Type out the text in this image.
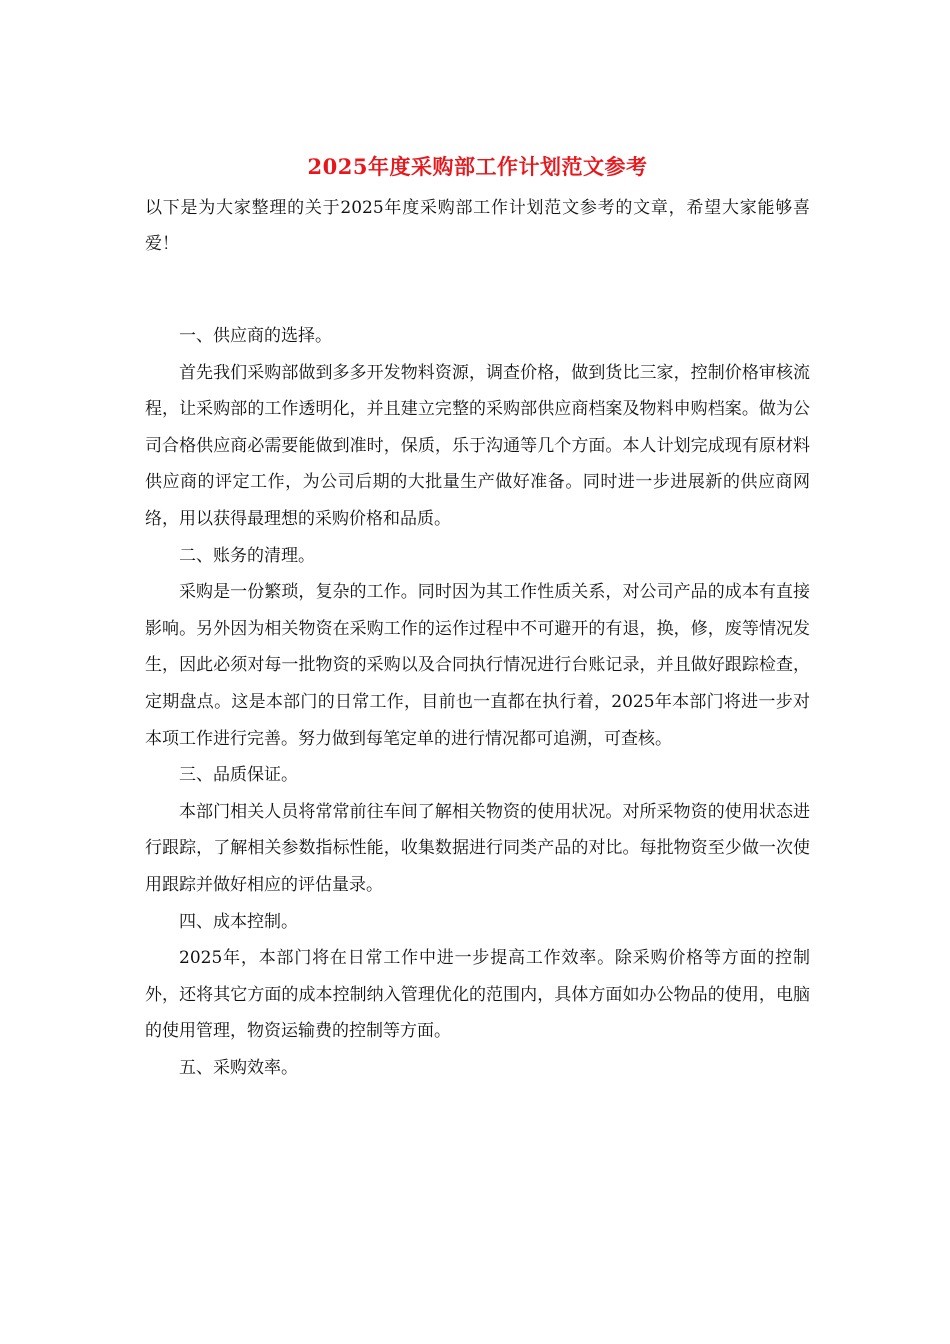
2025年度采购部工作计划范文参考

以下是为大家整理的关于2025年度采购部工作计划范文参考的文章，希望大家能够喜爱！

一、供应商的选择。

首先我们采购部做到多多开发物料资源，调查价格，做到货比三家，控制价格审核流程，让采购部的工作透明化，并且建立完整的采购部供应商档案及物料申购档案。做为公司合格供应商必需要能做到准时，保质，乐于沟通等几个方面。本人计划完成现有原材料供应商的评定工作，为公司后期的大批量生产做好准备。同时进一步进展新的供应商网络，用以获得最理想的采购价格和品质。

二、账务的清理。

采购是一份繁琐，复杂的工作。同时因为其工作性质关系，对公司产品的成本有直接影响。另外因为相关物资在采购工作的运作过程中不可避开的有退，换，修，废等情况发生，因此必须对每一批物资的采购以及合同执行情况进行台账记录，并且做好跟踪检查，定期盘点。这是本部门的日常工作，目前也一直都在执行着，2025年本部门将进一步对本项工作进行完善。努力做到每笔定单的进行情况都可追溯，可查核。

三、品质保证。

本部门相关人员将常常前往车间了解相关物资的使用状况。对所采物资的使用状态进行跟踪，了解相关参数指标性能，收集数据进行同类产品的对比。每批物资至少做一次使用跟踪并做好相应的评估量录。

四、成本控制。

2025年，本部门将在日常工作中进一步提高工作效率。除采购价格等方面的控制外，还将其它方面的成本控制纳入管理优化的范围内，具体方面如办公物品的使用，电脑的使用管理，物资运输费的控制等方面。

五、采购效率。
